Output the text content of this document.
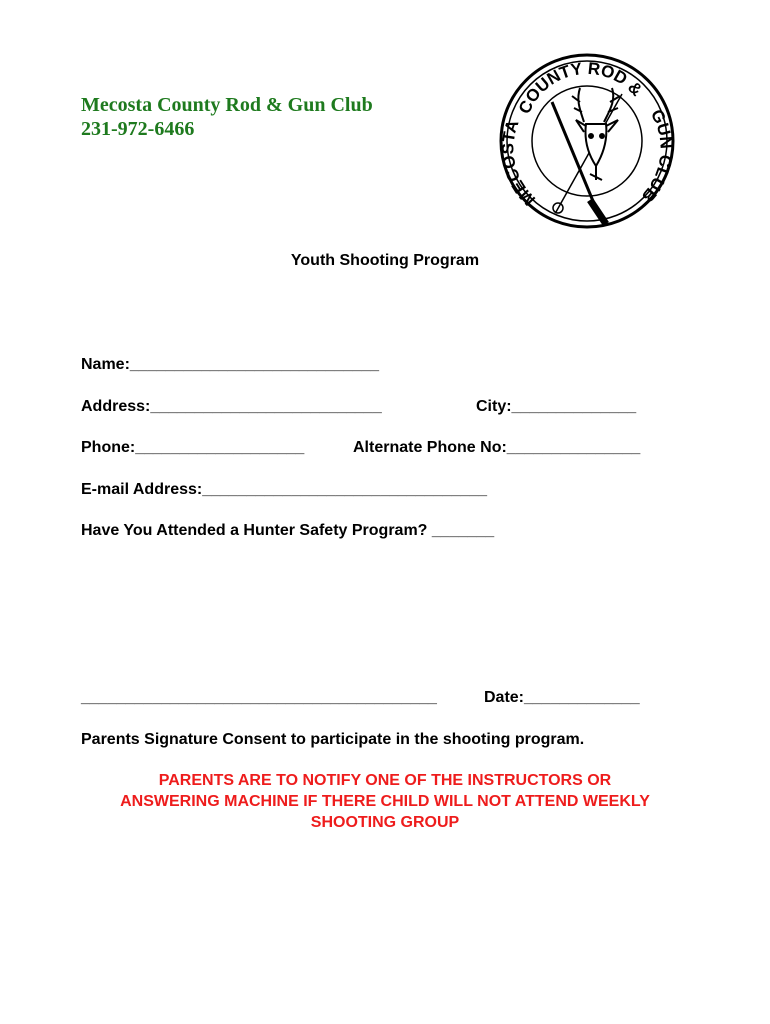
Mecosta County Rod & Gun Club
231-972-6466
COUNTY ROD &
MECOSTA	GUN CLUB
Youth Shooting Program
Name:____________________________
Address:__________________________	City:______________
Phone:___________________	Alternate Phone No:_______________
E-mail Address:________________________________
Have You Attended a Hunter Safety Program? _______
________________________________________	Date:_____________
Parents Signature Consent to participate in the shooting program.
PARENTS ARE TO NOTIFY ONE OF THE INSTRUCTORS OR
ANSWERING MACHINE IF THERE CHILD WILL NOT ATTEND WEEKLY
SHOOTING GROUP
